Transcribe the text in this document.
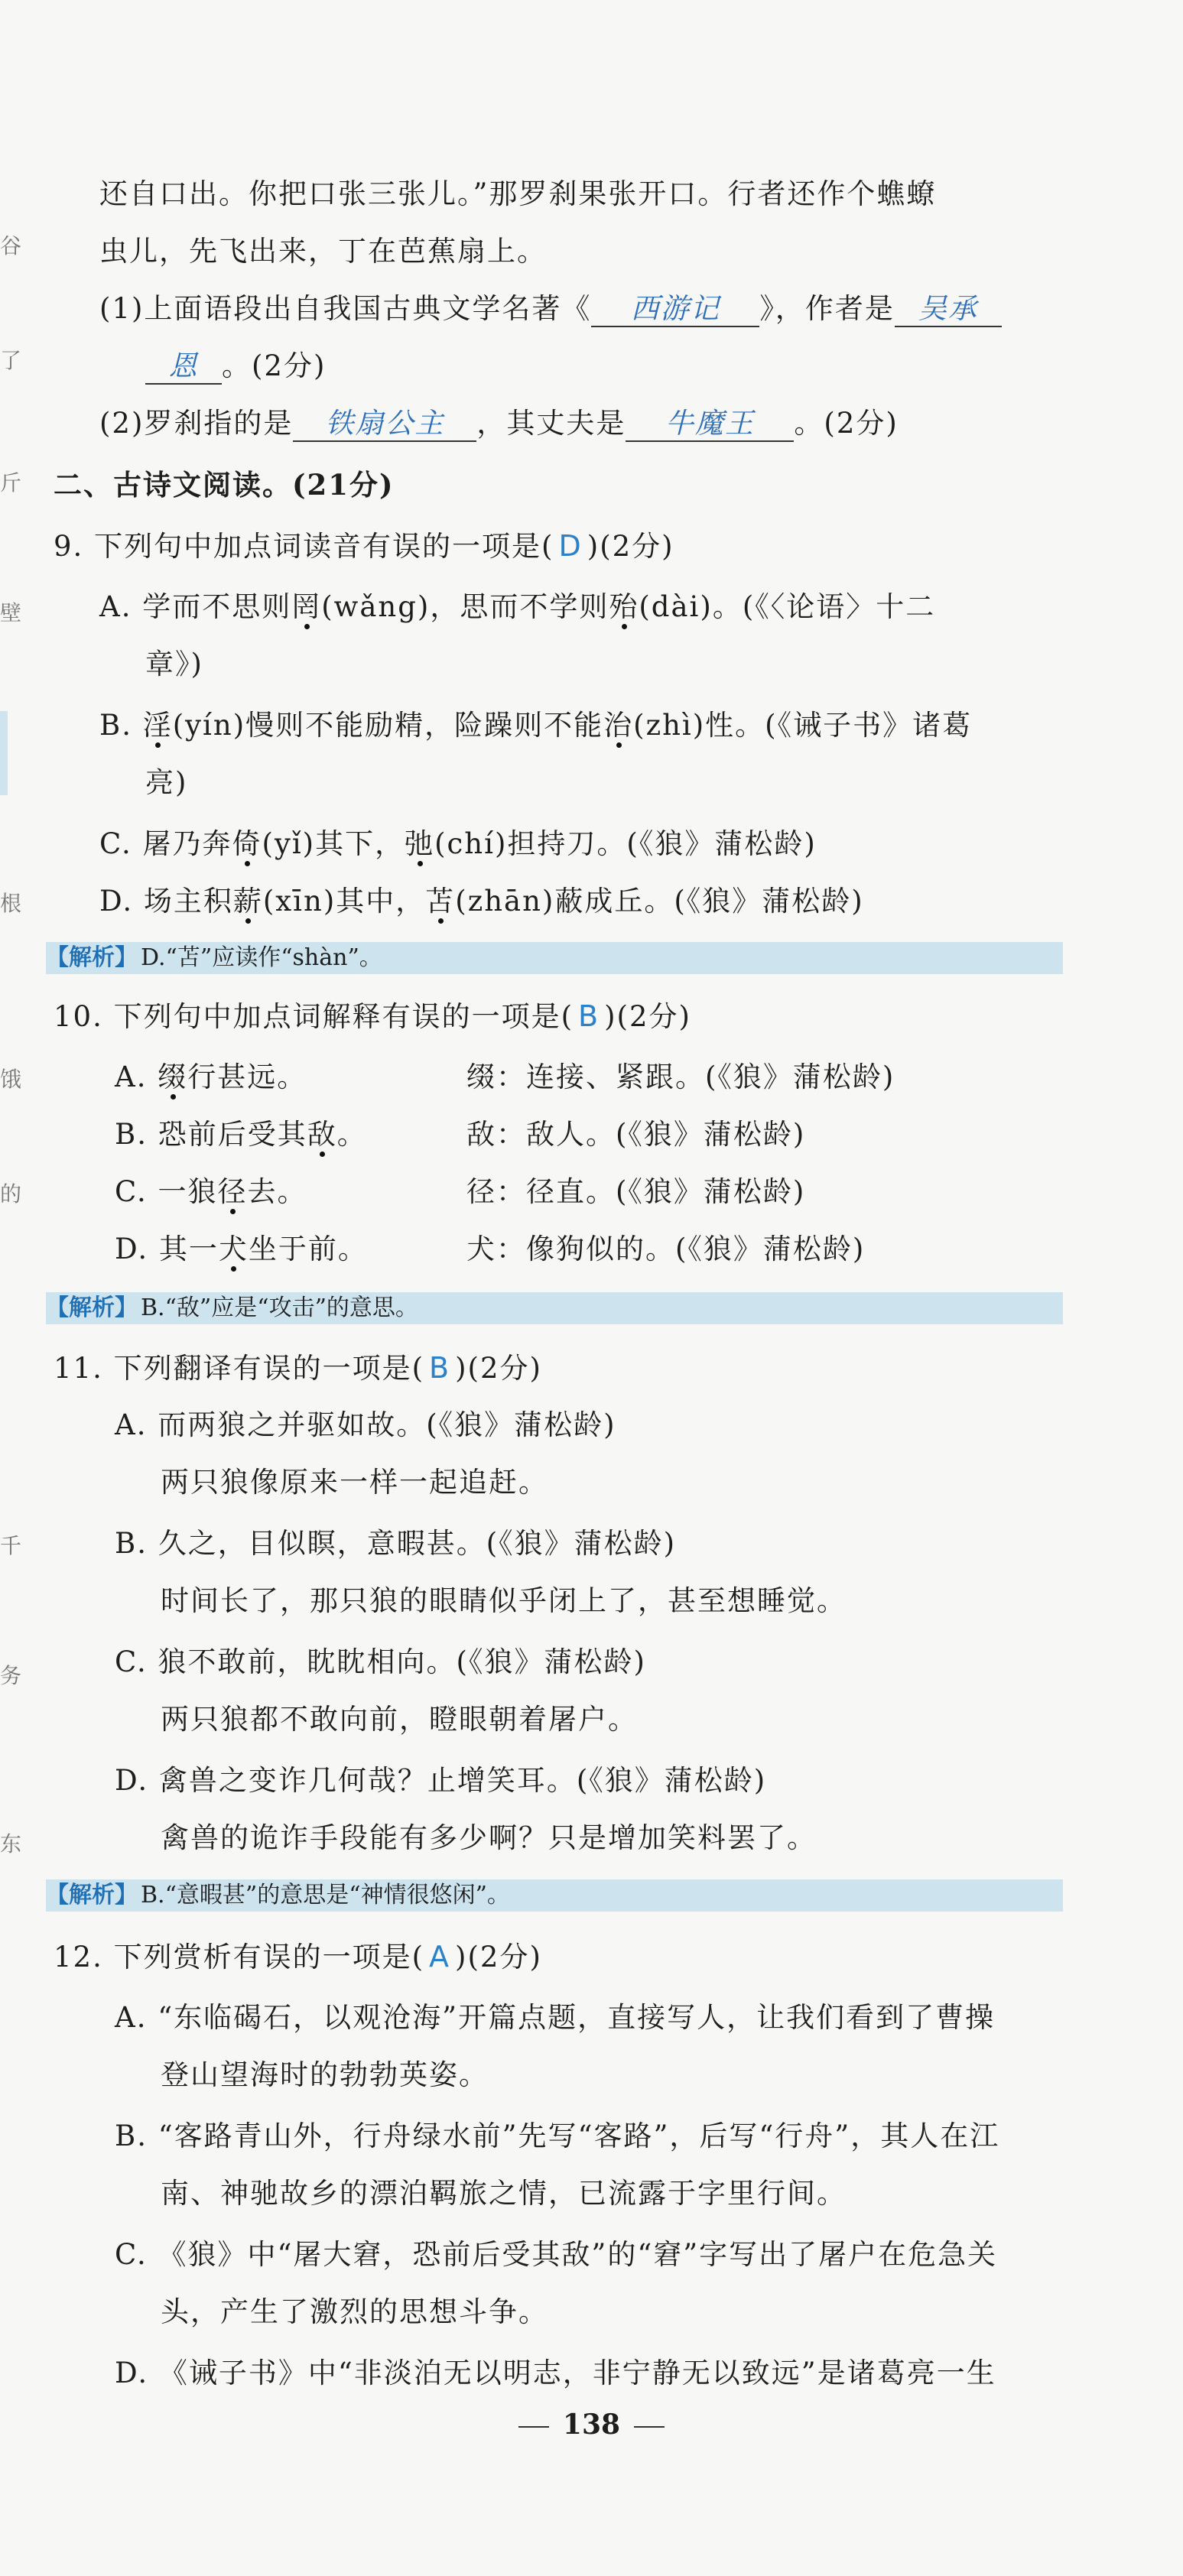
谷
了
斤
壁
根
饿
的
千
务
东
还自口出。你把口张三张儿。”那罗刹果张开口。行者还作个蟭蟟
虫儿，先飞出来，丁在芭蕉扇上。
(1)上面语段出自我国古典文学名著《 西游记 》，作者是 吴承
恩 。(2分)
(2)罗刹指的是 铁扇公主 ，其丈夫是 牛魔王 。(2分)
二、古诗文阅读。(21分)
9. 下列句中加点词读音有误的一项是( D )(2分)
A. 学而不思则罔(wǎng)，思而不学则殆(dài)。(《〈论语〉十二
章》)
B. 淫(yín)慢则不能励精，险躁则不能治(zhì)性。(《诫子书》诸葛
亮)
C. 屠乃奔倚(yǐ)其下，弛(chí)担持刀。(《狼》蒲松龄)
D. 场主积薪(xīn)其中，苫(zhān)蔽成丘。(《狼》蒲松龄)
【解析】 D.“苫”应读作“shàn”。
10. 下列句中加点词解释有误的一项是( B )(2分)
A. 缀行甚远。	缀：连接、紧跟。(《狼》蒲松龄)
B. 恐前后受其敌。	敌：敌人。(《狼》蒲松龄)
C. 一狼径去。	径：径直。(《狼》蒲松龄)
D. 其一犬坐于前。	犬：像狗似的。(《狼》蒲松龄)
【解析】 B.“敌”应是“攻击”的意思。
11. 下列翻译有误的一项是( B )(2分)
A. 而两狼之并驱如故。(《狼》蒲松龄)
两只狼像原来一样一起追赶。
B. 久之，目似瞑，意暇甚。(《狼》蒲松龄)
时间长了，那只狼的眼睛似乎闭上了，甚至想睡觉。
C. 狼不敢前，眈眈相向。(《狼》蒲松龄)
两只狼都不敢向前，瞪眼朝着屠户。
D. 禽兽之变诈几何哉？止增笑耳。(《狼》蒲松龄)
禽兽的诡诈手段能有多少啊？只是增加笑料罢了。
【解析】 B.“意暇甚”的意思是“神情很悠闲”。
12. 下列赏析有误的一项是( A )(2分)
A. “东临碣石，以观沧海”开篇点题，直接写人，让我们看到了曹操
登山望海时的勃勃英姿。
B. “客路青山外，行舟绿水前”先写“客路”，后写“行舟”，其人在江
南、神驰故乡的漂泊羁旅之情，已流露于字里行间。
C. 《狼》中“屠大窘，恐前后受其敌”的“窘”字写出了屠户在危急关
头，产生了激烈的思想斗争。
D. 《诫子书》中“非淡泊无以明志，非宁静无以致远”是诸葛亮一生
138
